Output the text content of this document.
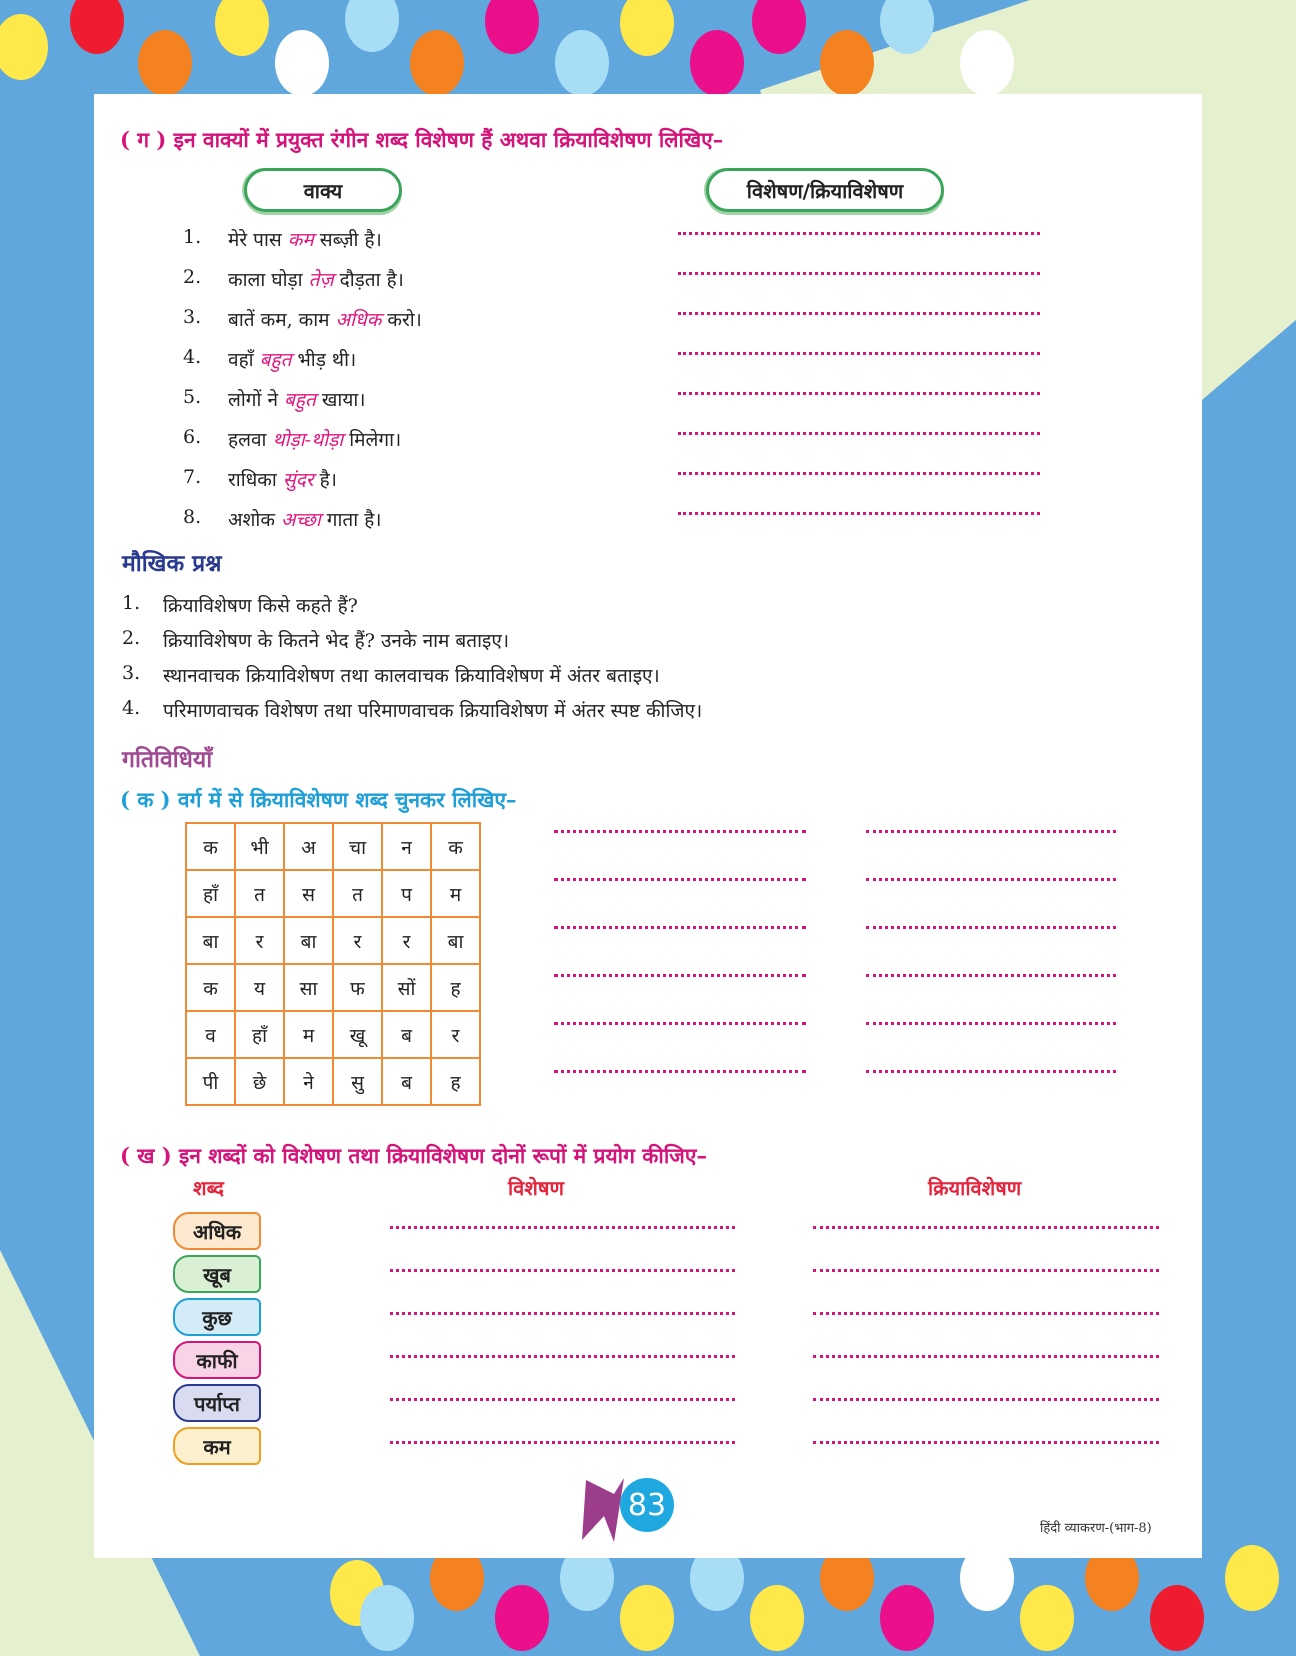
( ग ) इन वाक्यों में प्रयुक्त रंगीन शब्द विशेषण हैं अथवा क्रियाविशेषण लिखिए–
वाक्य	विशेषण/क्रियाविशेषण
1.	मेरे पास कम सब्ज़ी है।
2.	काला घोड़ा तेज़ दौड़ता है।
3.	बातें कम, काम अधिक करो।
4.	वहाँ बहुत भीड़ थी।
5.	लोगों ने बहुत खाया।
6.	हलवा थोड़ा-थोड़ा मिलेगा।
7.	राधिका सुंदर है।
8.	अशोक अच्छा गाता है।
मौखिक प्रश्न
1.	क्रियाविशेषण किसे कहते हैं?
2.	क्रियाविशेषण के कितने भेद हैं? उनके नाम बताइए।
3.	स्थानवाचक क्रियाविशेषण तथा कालवाचक क्रियाविशेषण में अंतर बताइए।
4.	परिमाणवाचक विशेषण तथा परिमाणवाचक क्रियाविशेषण में अंतर स्पष्ट कीजिए।
गतिविधियाँ
( क ) वर्ग में से क्रियाविशेषण शब्द चुनकर लिखिए–
क	भी	अ	चा	न	क
हाँ	त	स	त	प	म
बा	र	बा	र	र	बा
क	य	सा	फ	सों	ह
व	हाँ	म	खू	ब	र
पी	छे	ने	सु	ब	ह
( ख ) इन शब्दों को विशेषण तथा क्रियाविशेषण दोनों रूपों में प्रयोग कीजिए–
शब्द	विशेषण	क्रियाविशेषण
अधिक
खूब
कुछ
काफी
पर्याप्त
कम
83
हिंदी व्याकरण-(भाग-8)
